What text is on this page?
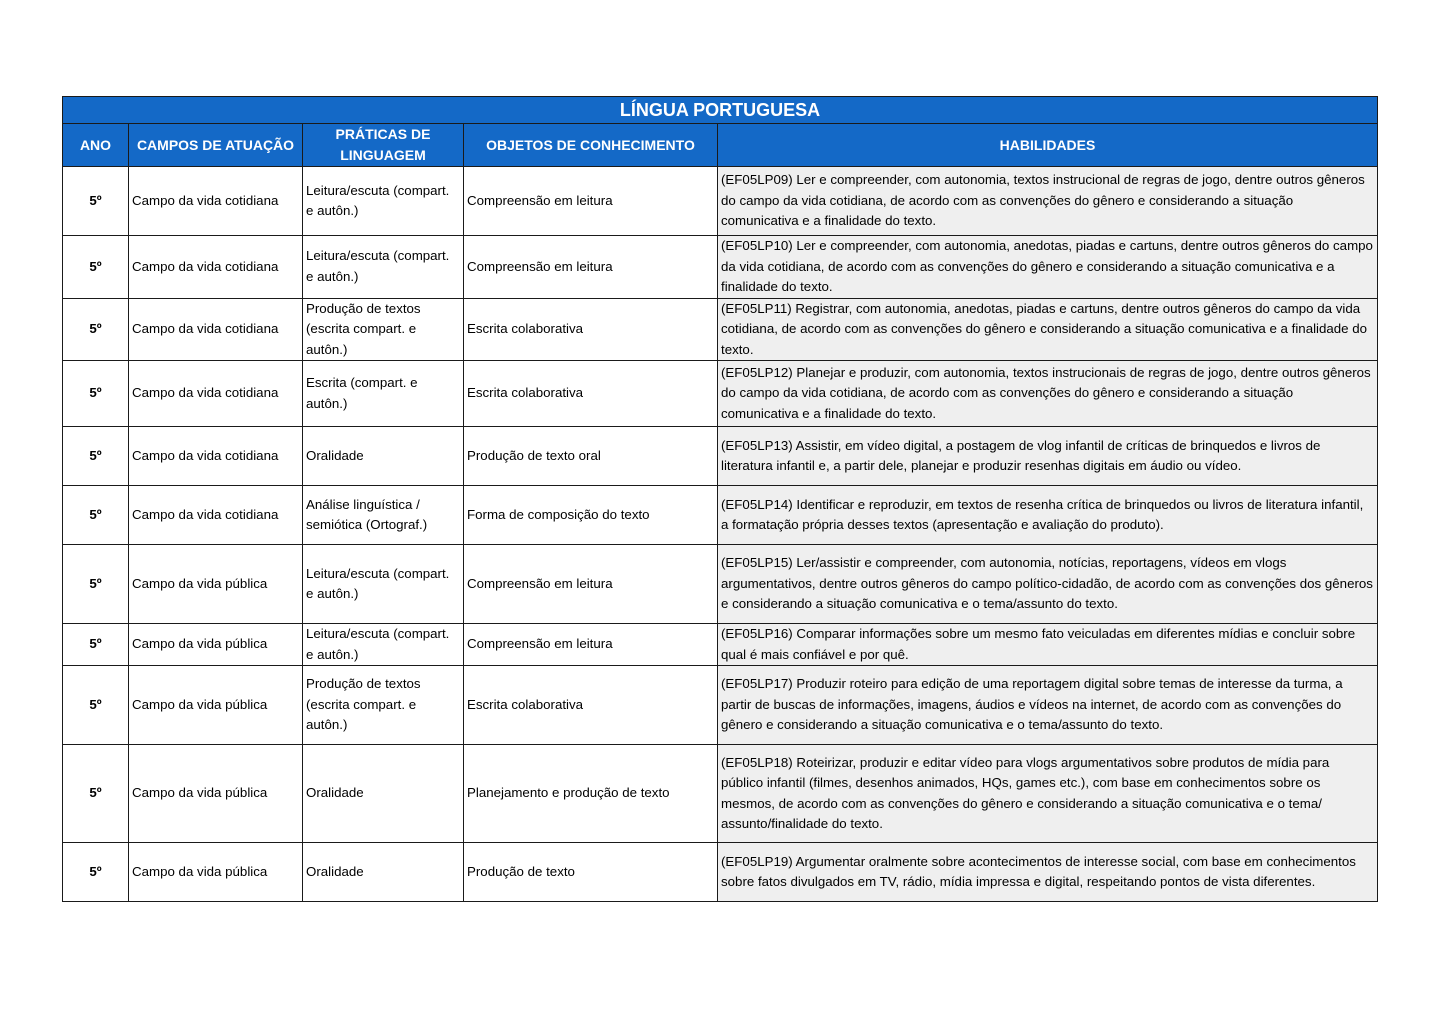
LÍNGUA PORTUGUESA				
ANO	CAMPOS DE ATUAÇÃO	PRÁTICAS DE LINGUAGEM	OBJETOS DE CONHECIMENTO	HABILIDADES
5º	Campo da vida cotidiana	Leitura/escuta (compart. e autôn.)	Compreensão em leitura	(EF05LP09) Ler e compreender, com autonomia, textos instrucional de regras de jogo, dentre outros gêneros do campo da vida cotidiana, de acordo com as convenções do gênero e considerando a situação comunicativa e a finalidade do texto.
5º	Campo da vida cotidiana	Leitura/escuta (compart. e autôn.)	Compreensão em leitura	(EF05LP10) Ler e compreender, com autonomia, anedotas, piadas e cartuns, dentre outros gêneros do campo da vida cotidiana, de acordo com as convenções do gênero e considerando a situação comunicativa e a finalidade do texto.
5º	Campo da vida cotidiana	Produção de textos (escrita compart. e autôn.)	Escrita colaborativa	(EF05LP11) Registrar, com autonomia, anedotas, piadas e cartuns, dentre outros gêneros do campo da vida cotidiana, de acordo com as convenções do gênero e considerando a situação comunicativa e a finalidade do texto.
5º	Campo da vida cotidiana	Escrita (compart. e autôn.)	Escrita colaborativa	(EF05LP12) Planejar e produzir, com autonomia, textos instrucionais de regras de jogo, dentre outros gêneros do campo da vida cotidiana, de acordo com as convenções do gênero e considerando a situação comunicativa e a finalidade do texto.
5º	Campo da vida cotidiana	Oralidade	Produção de texto oral	(EF05LP13) Assistir, em vídeo digital, a postagem de vlog infantil de críticas de brinquedos e livros de literatura infantil e, a partir dele, planejar e produzir resenhas digitais em áudio ou vídeo.
5º	Campo da vida cotidiana	Análise linguística / semiótica (Ortograf.)	Forma de composição do texto	(EF05LP14) Identificar e reproduzir, em textos de resenha crítica de brinquedos ou livros de literatura infantil, a formatação própria desses textos (apresentação e avaliação do produto).
5º	Campo da vida pública	Leitura/escuta (compart. e autôn.)	Compreensão em leitura	(EF05LP15) Ler/assistir e compreender, com autonomia, notícias, reportagens, vídeos em vlogs argumentativos, dentre outros gêneros do campo político-cidadão, de acordo com as convenções dos gêneros e considerando a situação comunicativa e o tema/assunto do texto.
5º	Campo da vida pública	Leitura/escuta (compart. e autôn.)	Compreensão em leitura	(EF05LP16) Comparar informações sobre um mesmo fato veiculadas em diferentes mídias e concluir sobre qual é mais confiável e por quê.
5º	Campo da vida pública	Produção de textos (escrita compart. e autôn.)	Escrita colaborativa	(EF05LP17) Produzir roteiro para edição de uma reportagem digital sobre temas de interesse da turma, a partir de buscas de informações, imagens, áudios e vídeos na internet, de acordo com as convenções do gênero e considerando a situação comunicativa e o tema/assunto do texto.
5º	Campo da vida pública	Oralidade	Planejamento e produção de texto	(EF05LP18) Roteirizar, produzir e editar vídeo para vlogs argumentativos sobre produtos de mídia para público infantil (filmes, desenhos animados, HQs, games etc.), com base em conhecimentos sobre os mesmos, de acordo com as convenções do gênero e considerando a situação comunicativa e o tema/ assunto/finalidade do texto.
5º	Campo da vida pública	Oralidade	Produção de texto	(EF05LP19) Argumentar oralmente sobre acontecimentos de interesse social, com base em conhecimentos sobre fatos divulgados em TV, rádio, mídia impressa e digital, respeitando pontos de vista diferentes.
